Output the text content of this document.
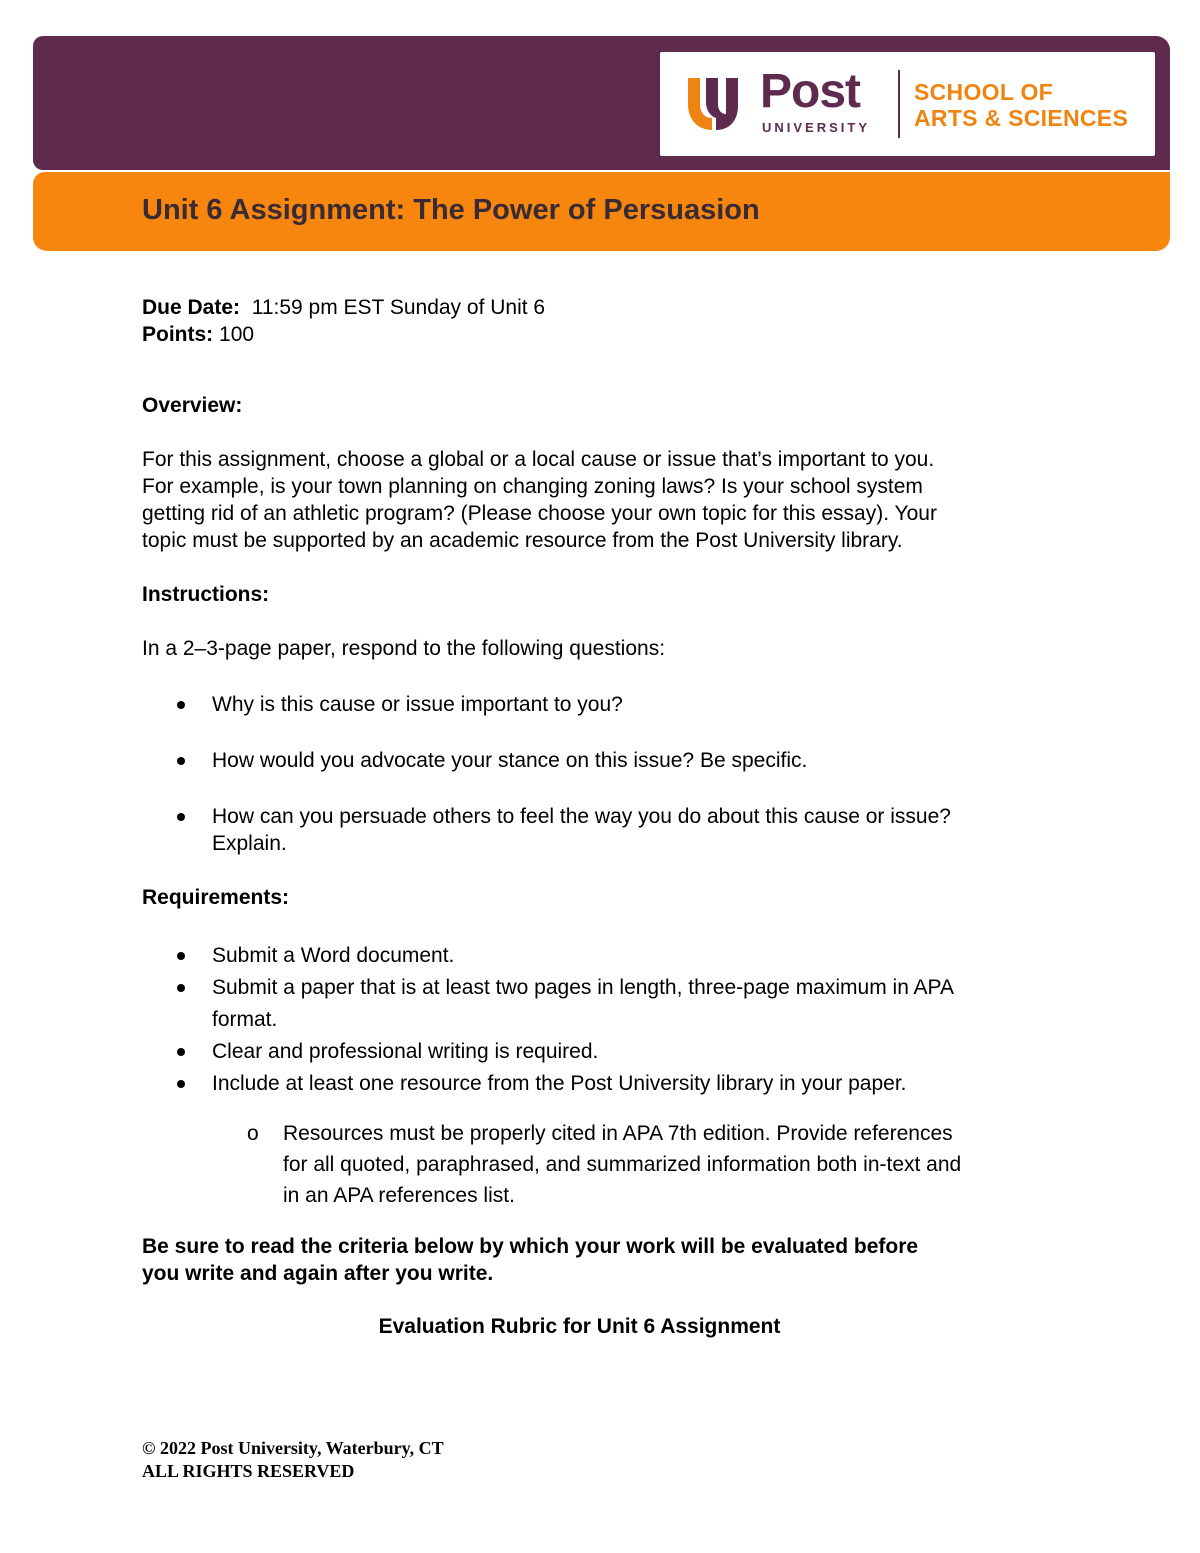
Post
UNIVERSITY
SCHOOL OF
ARTS & SCIENCES
Unit 6 Assignment: The Power of Persuasion
Due Date: 11:59 pm EST Sunday of Unit 6
Points: 100
Overview:
For this assignment, choose a global or a local cause or issue that’s important to you.
For example, is your town planning on changing zoning laws? Is your school system
getting rid of an athletic program? (Please choose your own topic for this essay). Your
topic must be supported by an academic resource from the Post University library.
Instructions:
In a 2–3-page paper, respond to the following questions:
Why is this cause or issue important to you?
How would you advocate your stance on this issue? Be specific.
How can you persuade others to feel the way you do about this cause or issue?
Explain.
Requirements:
Submit a Word document.
Submit a paper that is at least two pages in length, three-page maximum in APA
format.
Clear and professional writing is required.
Include at least one resource from the Post University library in your paper.
o Resources must be properly cited in APA 7th edition. Provide references
for all quoted, paraphrased, and summarized information both in-text and
in an APA references list.
Be sure to read the criteria below by which your work will be evaluated before
you write and again after you write.
Evaluation Rubric for Unit 6 Assignment
© 2022 Post University, Waterbury, CT
ALL RIGHTS RESERVED
